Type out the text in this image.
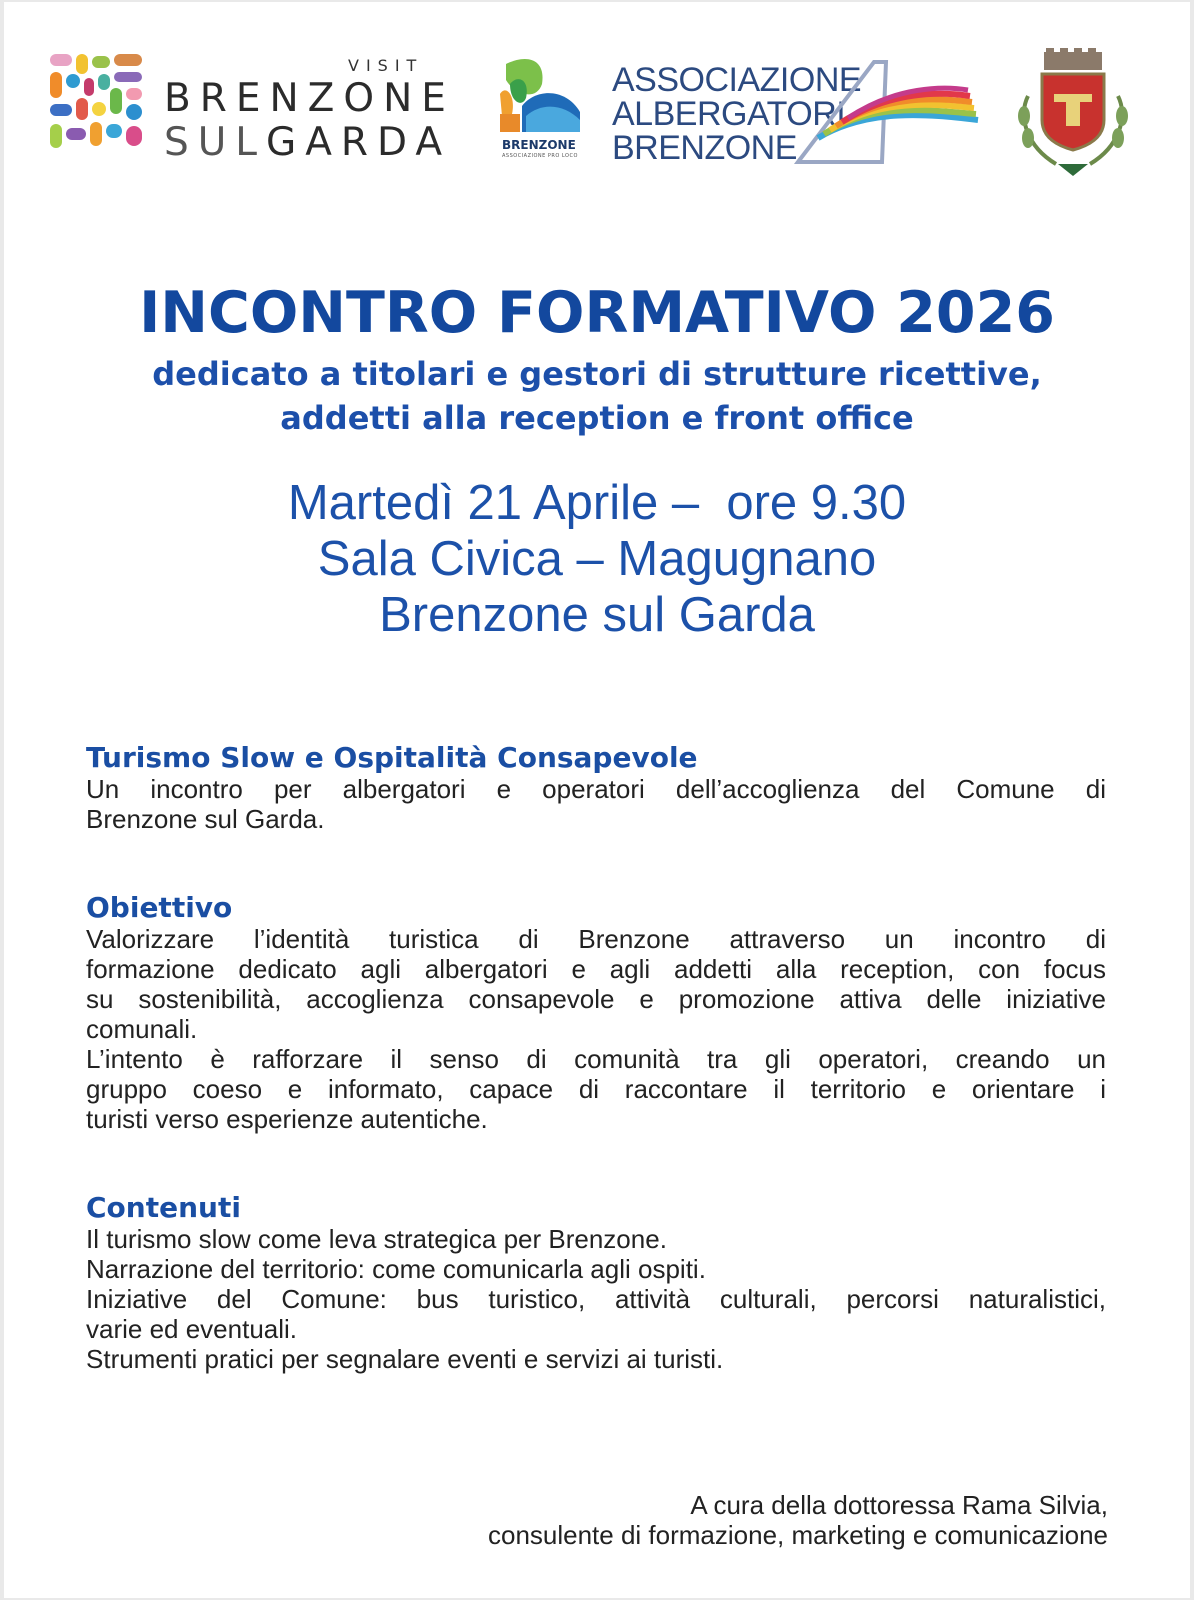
VISIT
BRENZONE
SULGARDA	BRENZONE
ASSOCIAZIONE PRO LOCO
ASSOCIAZIONE
ALBERGATORI
BRENZONE
INCONTRO FORMATIVO 2026
dedicato a titolari e gestori di strutture ricettive,
addetti alla reception e front office
Martedì 21 Aprile –  ore 9.30
Sala Civica – Magugnano
Brenzone sul Garda
Turismo Slow e Ospitalità Consapevole
Un incontro per albergatori e operatori dell’accoglienza del Comune di
Brenzone sul Garda.
Obiettivo
Valorizzare l’identità turistica di Brenzone attraverso un incontro di
formazione dedicato agli albergatori e agli addetti alla reception, con focus
su sostenibilità, accoglienza consapevole e promozione attiva delle iniziative
comunali.
L’intento è rafforzare il senso di comunità tra gli operatori, creando un
gruppo coeso e informato, capace di raccontare il territorio e orientare i
turisti verso esperienze autentiche.
Contenuti
Il turismo slow come leva strategica per Brenzone.
Narrazione del territorio: come comunicarla agli ospiti.
Iniziative del Comune: bus turistico, attività culturali, percorsi naturalistici,
varie ed eventuali.
Strumenti pratici per segnalare eventi e servizi ai turisti.
A cura della dottoressa Rama Silvia,
consulente di formazione, marketing e comunicazione
